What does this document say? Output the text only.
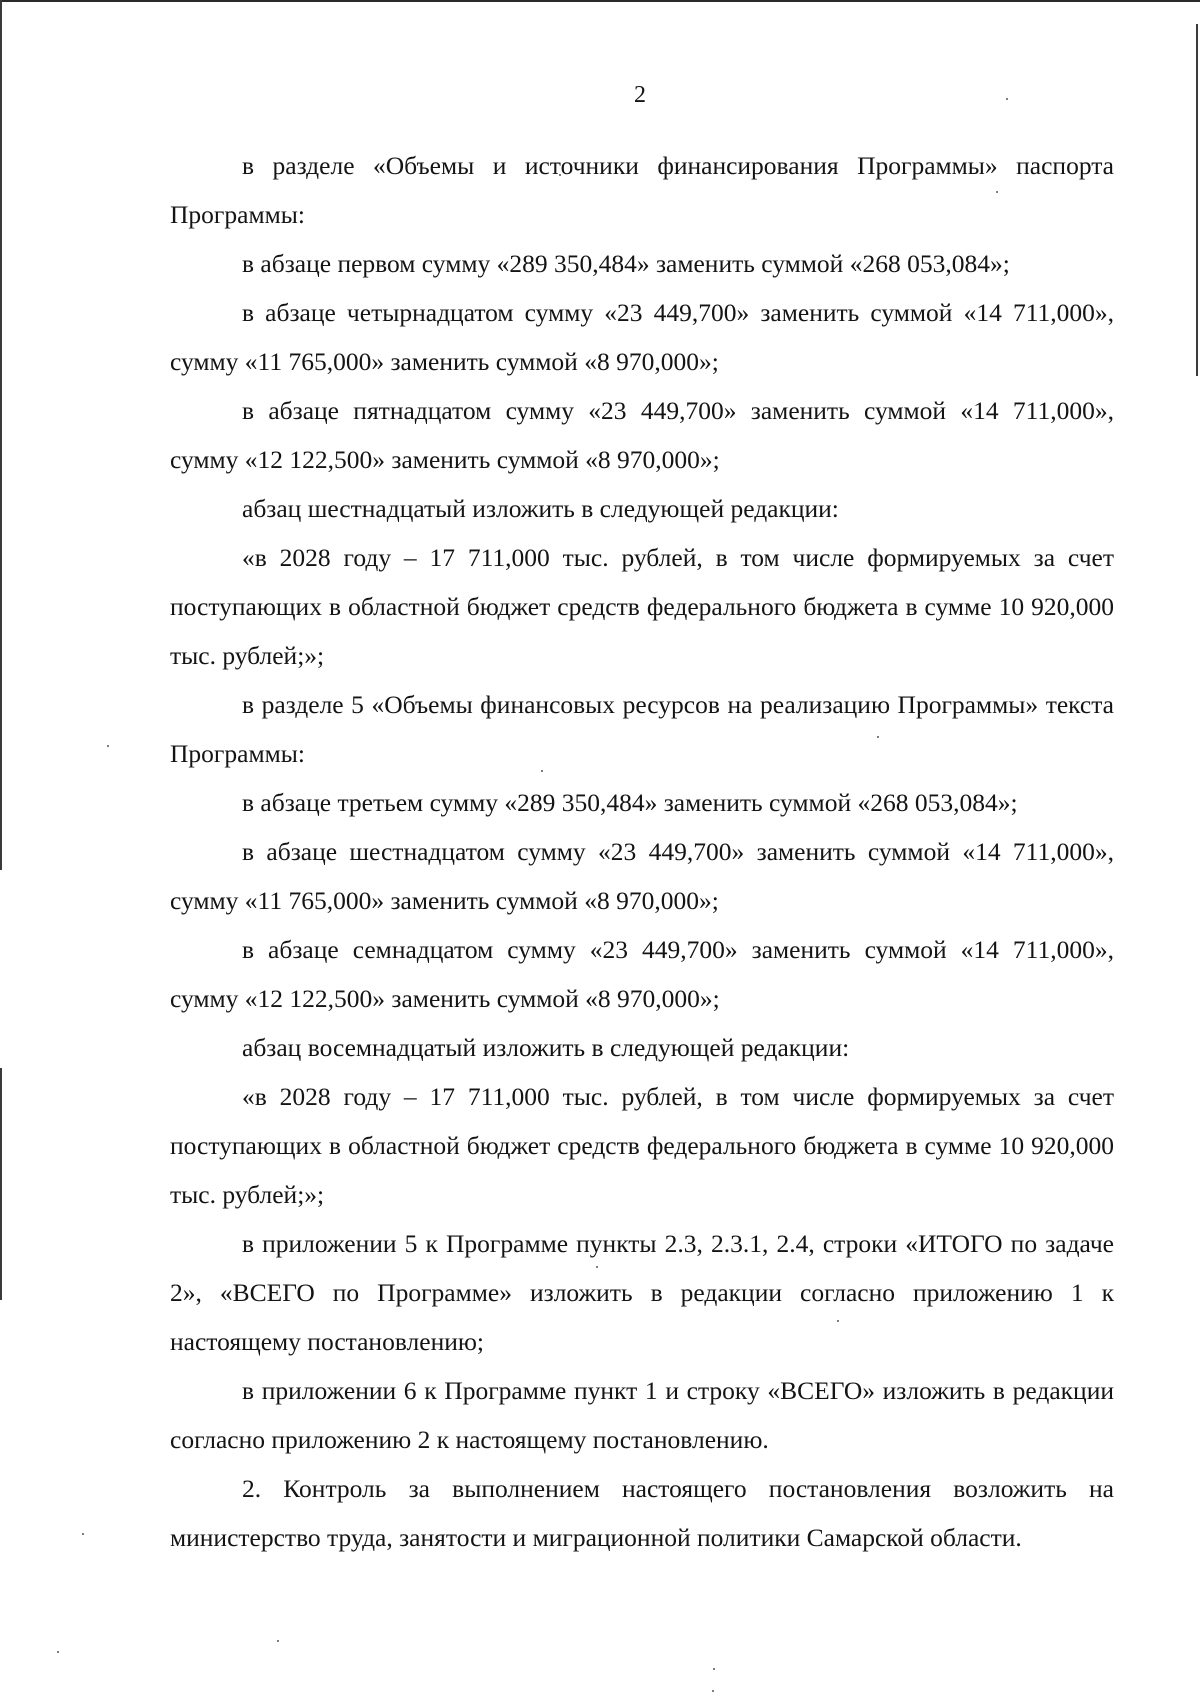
2

в разделе «Объемы и источники финансирования Программы» паспорта Программы:

в абзаце первом сумму «289 350,484» заменить суммой «268 053,084»;

в абзаце четырнадцатом сумму «23 449,700» заменить суммой «14 711,000», сумму «11 765,000» заменить суммой «8 970,000»;

в абзаце пятнадцатом сумму «23 449,700» заменить суммой «14 711,000», сумму «12 122,500» заменить суммой «8 970,000»;

абзац шестнадцатый изложить в следующей редакции:

«в 2028 году – 17 711,000 тыс. рублей, в том числе формируемых за счет поступающих в областной бюджет средств федерального бюджета в сумме 10 920,000 тыс. рублей;»;

в разделе 5 «Объемы финансовых ресурсов на реализацию Программы» текста Программы:

в абзаце третьем сумму «289 350,484» заменить суммой «268 053,084»;

в абзаце шестнадцатом сумму «23 449,700» заменить суммой «14 711,000», сумму «11 765,000» заменить суммой «8 970,000»;

в абзаце семнадцатом сумму «23 449,700» заменить суммой «14 711,000», сумму «12 122,500» заменить суммой «8 970,000»;

абзац восемнадцатый изложить в следующей редакции:

«в 2028 году – 17 711,000 тыс. рублей, в том числе формируемых за счет поступающих в областной бюджет средств федерального бюджета в сумме 10 920,000 тыс. рублей;»;

в приложении 5 к Программе пункты 2.3, 2.3.1, 2.4, строки «ИТОГО по задаче 2», «ВСЕГО по Программе» изложить в редакции согласно приложению 1 к настоящему постановлению;

в приложении 6 к Программе пункт 1 и строку «ВСЕГО» изложить в редакции согласно приложению 2 к настоящему постановлению.

2. Контроль за выполнением настоящего постановления возложить на министерство труда, занятости и миграционной политики Самарской области.
